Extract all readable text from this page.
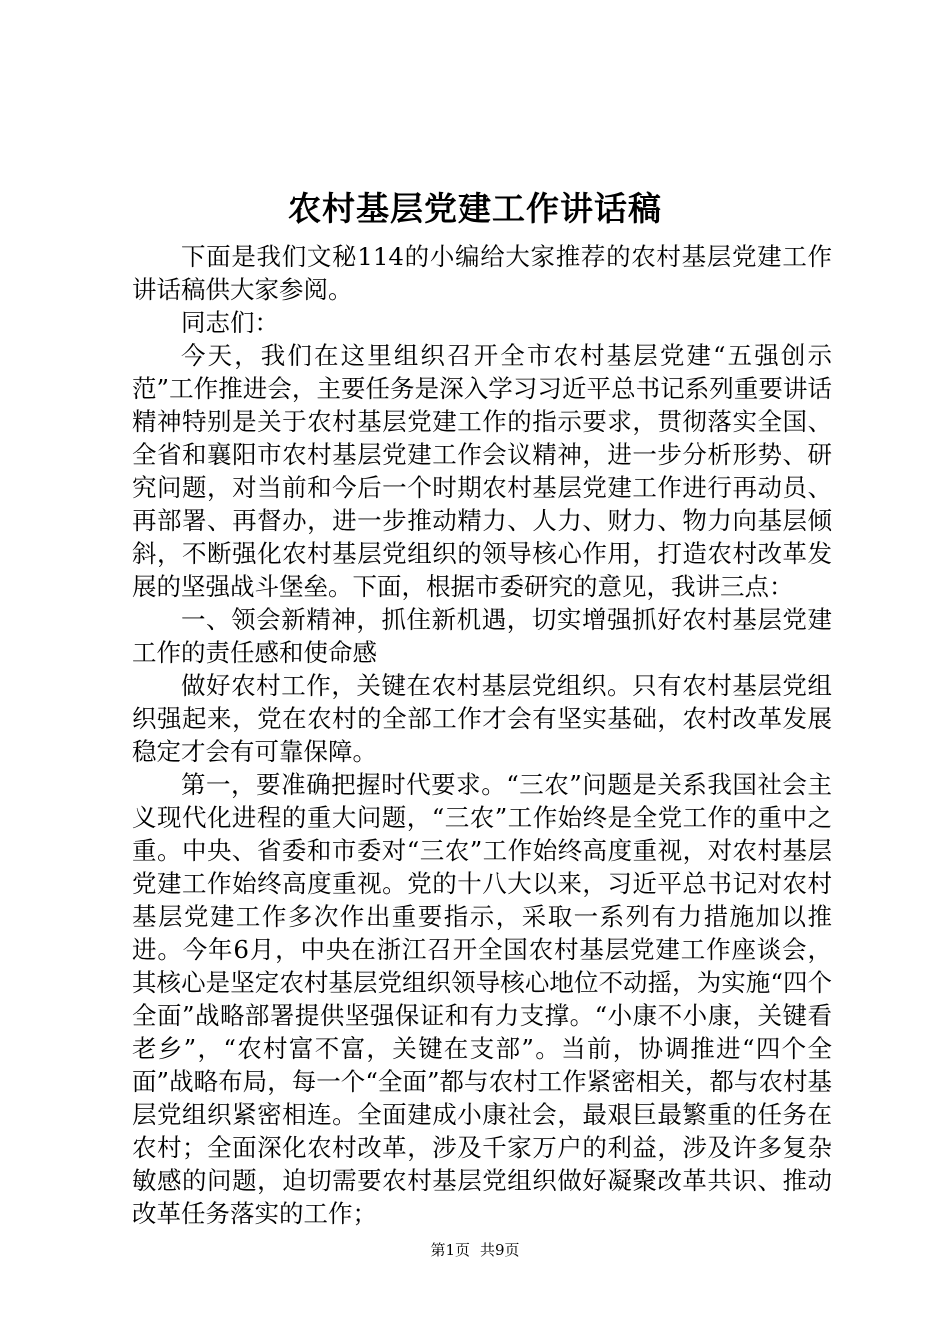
农村基层党建工作讲话稿

下面是我们文秘114的小编给大家推荐的农村基层党建工作讲话稿供大家参阅。

同志们：

今天，我们在这里组织召开全市农村基层党建“五强创示范”工作推进会，主要任务是深入学习习近平总书记系列重要讲话精神特别是关于农村基层党建工作的指示要求，贯彻落实全国、全省和襄阳市农村基层党建工作会议精神，进一步分析形势、研究问题，对当前和今后一个时期农村基层党建工作进行再动员、再部署、再督办，进一步推动精力、人力、财力、物力向基层倾斜，不断强化农村基层党组织的领导核心作用，打造农村改革发展的坚强战斗堡垒。下面，根据市委研究的意见，我讲三点：

一、领会新精神，抓住新机遇，切实增强抓好农村基层党建工作的责任感和使命感

做好农村工作，关键在农村基层党组织。只有农村基层党组织强起来，党在农村的全部工作才会有坚实基础，农村改革发展稳定才会有可靠保障。

第一，要准确把握时代要求。“三农”问题是关系我国社会主义现代化进程的重大问题，“三农”工作始终是全党工作的重中之重。中央、省委和市委对“三农”工作始终高度重视，对农村基层党建工作始终高度重视。党的十八大以来，习近平总书记对农村基层党建工作多次作出重要指示，采取一系列有力措施加以推进。今年6月，中央在浙江召开全国农村基层党建工作座谈会，其核心是坚定农村基层党组织领导核心地位不动摇，为实施“四个全面”战略部署提供坚强保证和有力支撑。“小康不小康，关键看老乡”，“农村富不富，关键在支部”。当前，协调推进“四个全面”战略布局，每一个“全面”都与农村工作紧密相关，都与农村基层党组织紧密相连。全面建成小康社会，最艰巨最繁重的任务在农村；全面深化农村改革，涉及千家万户的利益，涉及许多复杂敏感的问题，迫切需要农村基层党组织做好凝聚改革共识、推动改革任务落实的工作；

第1页 共9页
